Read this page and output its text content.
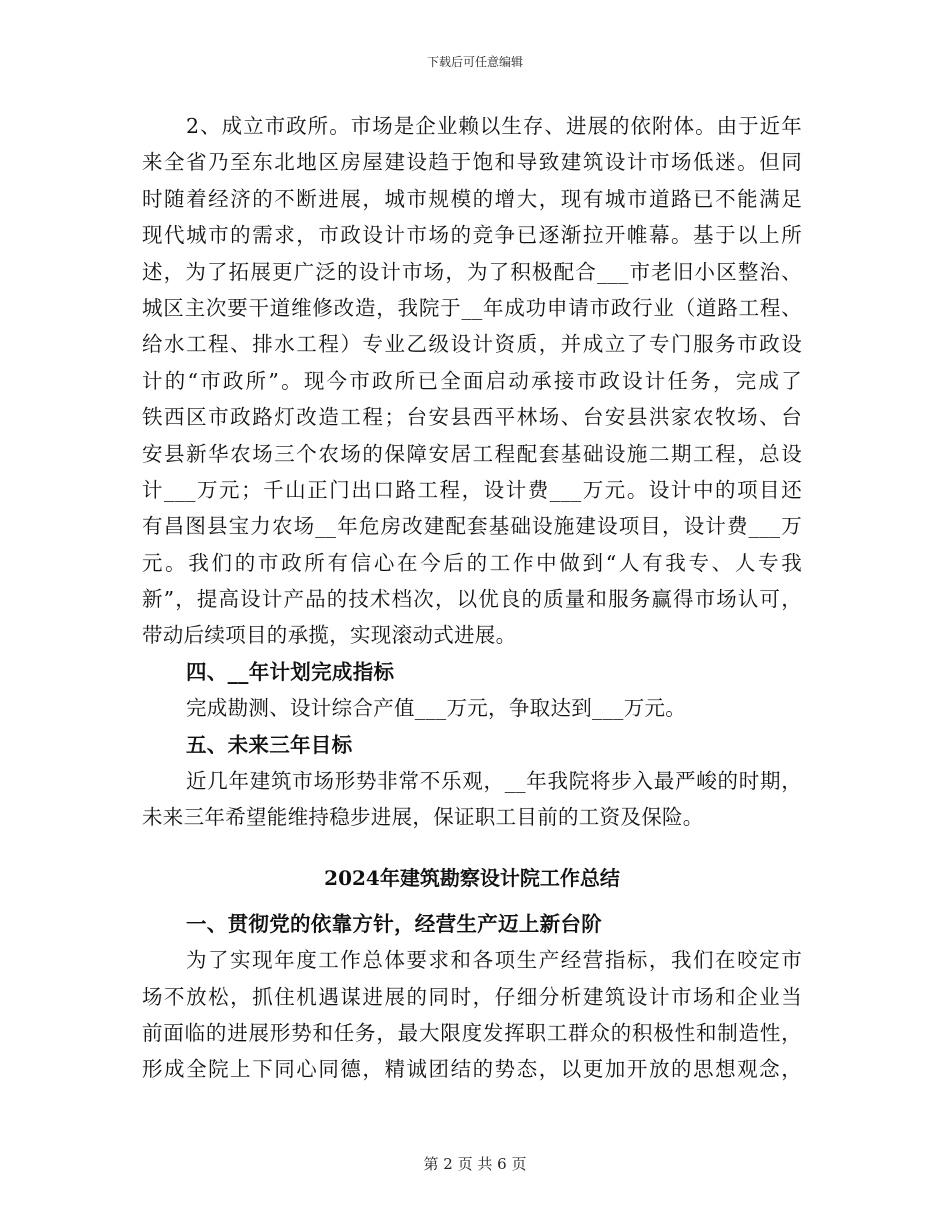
下载后可任意编辑
2、成立市政所。市场是企业赖以生存、进展的依附体。由于近年
来全省乃至东北地区房屋建设趋于饱和导致建筑设计市场低迷。但同
时随着经济的不断进展，城市规模的增大，现有城市道路已不能满足
现代城市的需求，市政设计市场的竞争已逐渐拉开帷幕。基于以上所
述，为了拓展更广泛的设计市场，为了积极配合___市老旧小区整治、
城区主次要干道维修改造，我院于__年成功申请市政行业（道路工程、
给水工程、排水工程）专业乙级设计资质，并成立了专门服务市政设
计的“市政所”。现今市政所已全面启动承接市政设计任务，完成了
铁西区市政路灯改造工程；台安县西平林场、台安县洪家农牧场、台
安县新华农场三个农场的保障安居工程配套基础设施二期工程，总设
计___万元；千山正门出口路工程，设计费___万元。设计中的项目还
有昌图县宝力农场__年危房改建配套基础设施建设项目，设计费___万
元。我们的市政所有信心在今后的工作中做到“人有我专、人专我
新”，提高设计产品的技术档次，以优良的质量和服务赢得市场认可，
带动后续项目的承揽，实现滚动式进展。
四、__年计划完成指标
完成勘测、设计综合产值___万元，争取达到___万元。
五、未来三年目标
近几年建筑市场形势非常不乐观，__年我院将步入最严峻的时期，
未来三年希望能维持稳步进展，保证职工目前的工资及保险。
2024年建筑勘察设计院工作总结
一、贯彻党的依靠方针，经营生产迈上新台阶
为了实现年度工作总体要求和各项生产经营指标，我们在咬定市
场不放松，抓住机遇谋进展的同时，仔细分析建筑设计市场和企业当
前面临的进展形势和任务，最大限度发挥职工群众的积极性和制造性，
形成全院上下同心同德，精诚团结的势态，以更加开放的思想观念，
第 2 页 共 6 页
